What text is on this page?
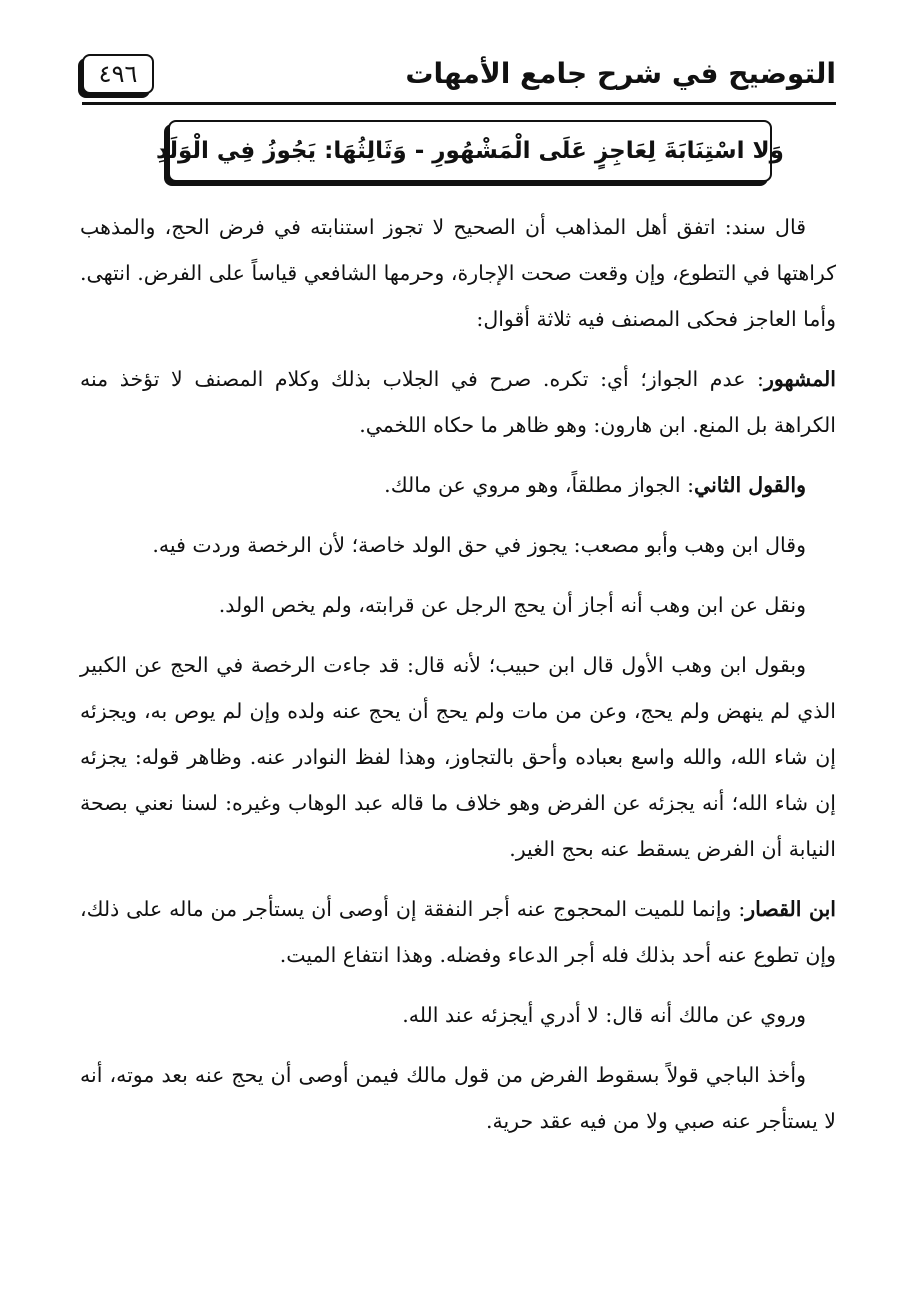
التوضيح في شرح جامع الأمهات
٤٩٦
وَلا اسْتِنَابَةَ لِعَاجِزٍ عَلَى الْمَشْهُورِ - وَثَالِثُهَا: يَجُوزُ فِي الْوَلَدِ

قال سند: اتفق أهل المذاهب أن الصحيح لا تجوز استنابته في فرض الحج، والمذهب كراهتها في التطوع، وإن وقعت صحت الإجارة، وحرمها الشافعي قياساً على الفرض. انتهى. وأما العاجز فحكى المصنف فيه ثلاثة أقوال:

المشهور: عدم الجواز؛ أي: تكره. صرح في الجلاب بذلك وكلام المصنف لا تؤخذ منه الكراهة بل المنع. ابن هارون: وهو ظاهر ما حكاه اللخمي.

والقول الثاني: الجواز مطلقاً، وهو مروي عن مالك.

وقال ابن وهب وأبو مصعب: يجوز في حق الولد خاصة؛ لأن الرخصة وردت فيه.

ونقل عن ابن وهب أنه أجاز أن يحج الرجل عن قرابته، ولم يخص الولد.

وبقول ابن وهب الأول قال ابن حبيب؛ لأنه قال: قد جاءت الرخصة في الحج عن الكبير الذي لم ينهض ولم يحج، وعن من مات ولم يحج أن يحج عنه ولده وإن لم يوص به، ويجزئه إن شاء الله، والله واسع بعباده وأحق بالتجاوز، وهذا لفظ النوادر عنه. وظاهر قوله: يجزئه إن شاء الله؛ أنه يجزئه عن الفرض وهو خلاف ما قاله عبد الوهاب وغيره: لسنا نعني بصحة النيابة أن الفرض يسقط عنه بحج الغير.

ابن القصار: وإنما للميت المحجوج عنه أجر النفقة إن أوصى أن يستأجر من ماله على ذلك، وإن تطوع عنه أحد بذلك فله أجر الدعاء وفضله. وهذا انتفاع الميت.

وروي عن مالك أنه قال: لا أدري أيجزئه عند الله.

وأخذ الباجي قولاً بسقوط الفرض من قول مالك فيمن أوصى أن يحج عنه بعد موته، أنه لا يستأجر عنه صبي ولا من فيه عقد حرية.
